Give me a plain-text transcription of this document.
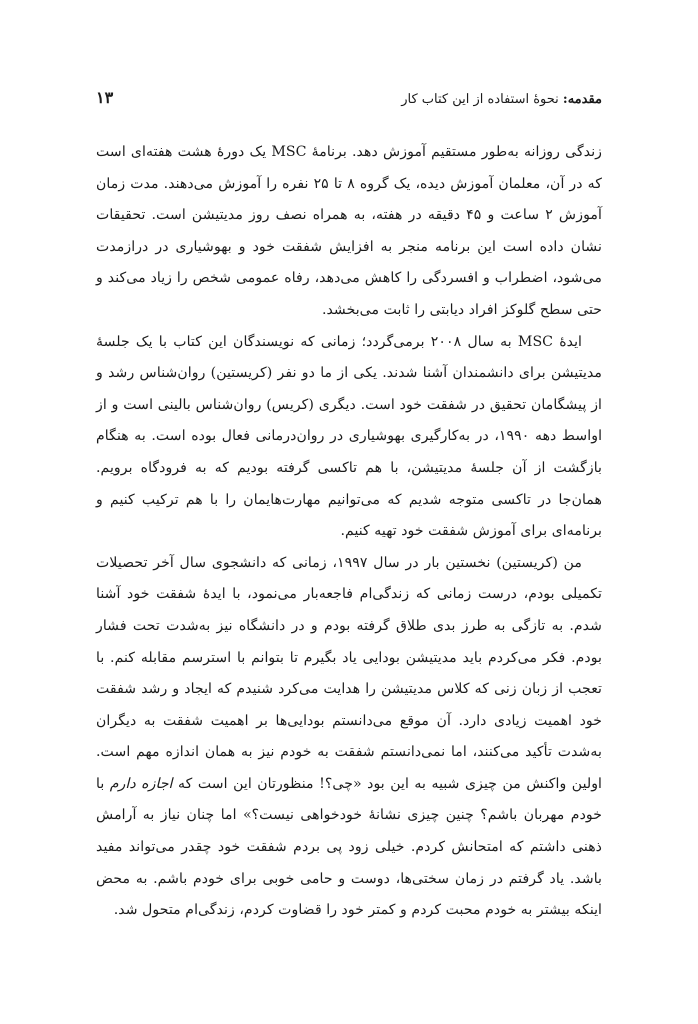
مقدمه: نحوهٔ استفاده از این کتاب کار
۱۳

زندگی روزانه به‌طور مستقیم آموزش دهد. برنامهٔ MSC یک دورهٔ هشت هفته‌ای است که در آن، معلمان آموزش دیده، یک گروه ۸ تا ۲۵ نفره را آموزش می‌دهند. مدت زمان آموزش ۲ ساعت و ۴۵ دقیقه در هفته، به همراه نصف روز مدیتیشن است. تحقیقات نشان داده است این برنامه منجر به افزایش شفقت خود و بهوشیاری در درازمدت می‌شود، اضطراب و افسردگی را کاهش می‌دهد، رفاه عمومی شخص را زیاد می‌کند و حتی سطح گلوکز افراد دیابتی را ثابت می‌بخشد.

ایدهٔ MSC به سال ۲۰۰۸ برمی‌گردد؛ زمانی که نویسندگان این کتاب با یک جلسهٔ مدیتیشن برای دانشمندان آشنا شدند. یکی از ما دو نفر (کریستین) روان‌شناس رشد و از پیشگامان تحقیق در شفقت خود است. دیگری (کریس) روان‌شناس بالینی است و از اواسط دهه ۱۹۹۰، در به‌کارگیری بهوشیاری در روان‌درمانی فعال بوده است. به هنگام بازگشت از آن جلسهٔ مدیتیشن، با هم تاکسی گرفته بودیم که به فرودگاه برویم. همان‌جا در تاکسی متوجه شدیم که می‌توانیم مهارت‌هایمان را با هم ترکیب کنیم و برنامه‌ای برای آموزش شفقت خود تهیه کنیم.

من (کریستین) نخستین بار در سال ۱۹۹۷، زمانی که دانشجوی سال آخر تحصیلات تکمیلی بودم، درست زمانی که زندگی‌ام فاجعه‌بار می‌نمود، با ایدهٔ شفقت خود آشنا شدم. به تازگی به طرز بدی طلاق گرفته بودم و در دانشگاه نیز به‌شدت تحت فشار بودم. فکر می‌کردم باید مدیتیشن بودایی یاد بگیرم تا بتوانم با استرسم مقابله کنم. با تعجب از زبان زنی که کلاس مدیتیشن را هدایت می‌کرد شنیدم که ایجاد و رشد شفقت خود اهمیت زیادی دارد. آن موقع می‌دانستم بودایی‌ها بر اهمیت شفقت به دیگران به‌شدت تأکید می‌کنند، اما نمی‌دانستم شفقت به خودم نیز به همان اندازه مهم است. اولین واکنش من چیزی شبیه به این بود «چی؟! منظورتان این است که اجازه دارم با خودم مهربان باشم؟ چنین چیزی نشانهٔ خودخواهی نیست؟» اما چنان نیاز به آرامش ذهنی داشتم که امتحانش کردم. خیلی زود پی بردم شفقت خود چقدر می‌تواند مفید باشد. یاد گرفتم در زمان سختی‌ها، دوست و حامی خوبی برای خودم باشم. به محض اینکه بیشتر به خودم محبت کردم و کمتر خود را قضاوت کردم، زندگی‌ام متحول شد.
